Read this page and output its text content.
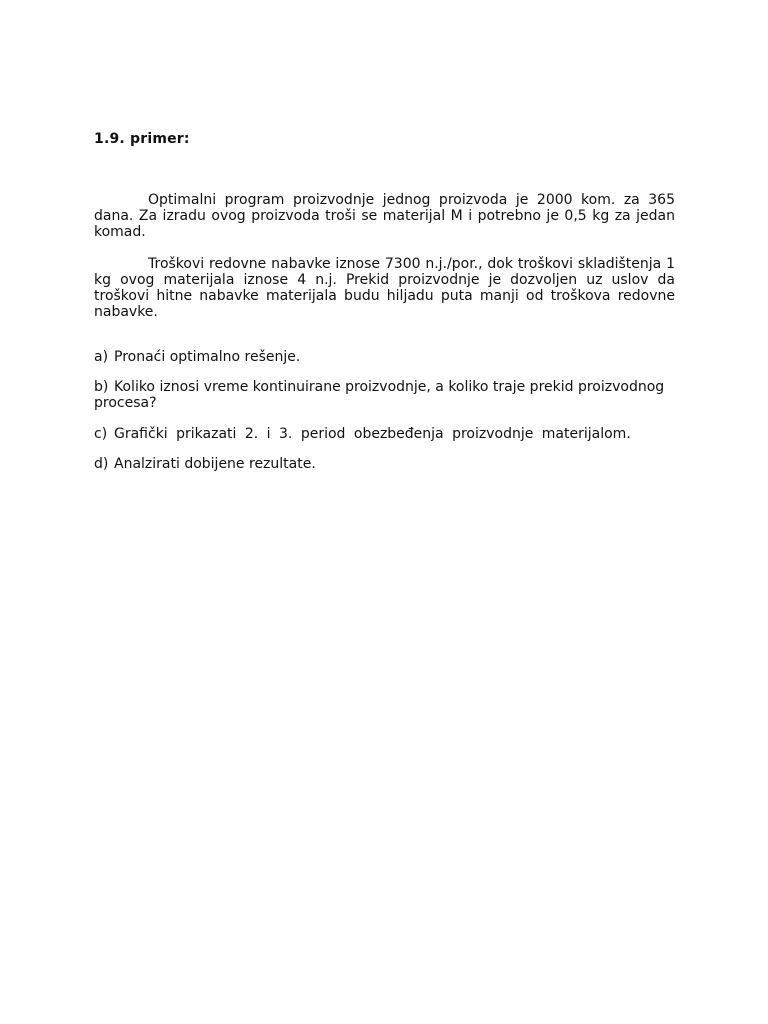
1.9. primer:
Optimalni program proizvodnje jednog proizvoda je 2000 kom. za 365 dana. Za izradu ovog proizvoda troši se materijal M i potrebno je 0,5 kg za jedan komad.
Troškovi redovne nabavke iznose 7300 n.j./por., dok troškovi skladištenja 1 kg ovog materijala iznose 4 n.j. Prekid proizvodnje je dozvoljen uz uslov da troškovi hitne nabavke materijala budu hiljadu puta manji od troškova redovne nabavke.
a) Pronaći optimalno rešenje.
b) Koliko iznosi vreme kontinuirane proizvodnje, a koliko traje prekid proizvodnog procesa?
c) Grafički prikazati 2. i 3. period obezbeđenja proizvodnje materijalom.
d) Analzirati dobijene rezultate.
